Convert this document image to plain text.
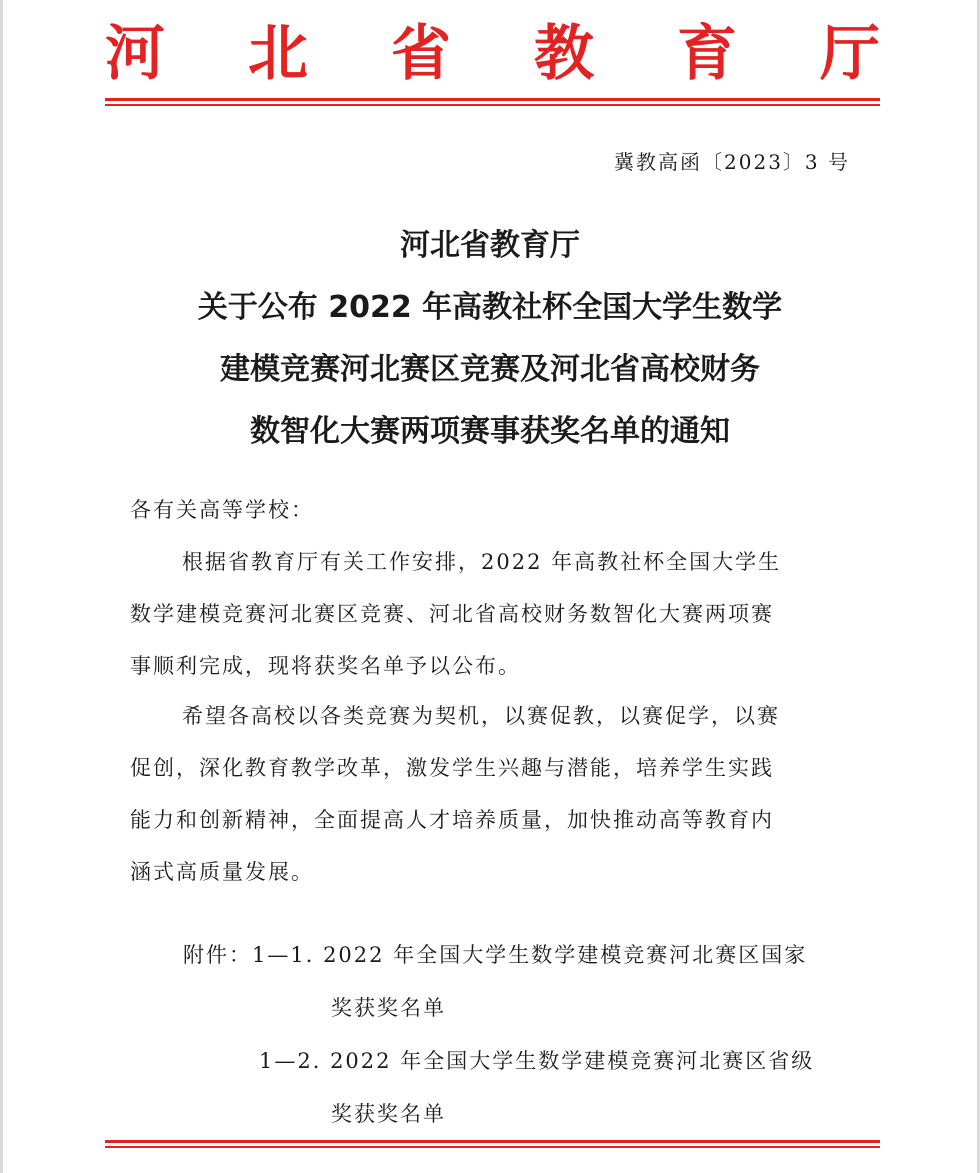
河 北 省 教 育 厅
冀教高函〔2023〕3 号
河北省教育厅
关于公布 2022 年高教社杯全国大学生数学
建模竞赛河北赛区竞赛及河北省高校财务
数智化大赛两项赛事获奖名单的通知
各有关高等学校：
根据省教育厅有关工作安排，2022 年高教社杯全国大学生
数学建模竞赛河北赛区竞赛、河北省高校财务数智化大赛两项赛
事顺利完成，现将获奖名单予以公布。
希望各高校以各类竞赛为契机，以赛促教，以赛促学，以赛
促创，深化教育教学改革，激发学生兴趣与潜能，培养学生实践
能力和创新精神，全面提高人才培养质量，加快推动高等教育内
涵式高质量发展。
附件：1—1. 2022 年全国大学生数学建模竞赛河北赛区国家
奖获奖名单
1—2. 2022 年全国大学生数学建模竞赛河北赛区省级
奖获奖名单
